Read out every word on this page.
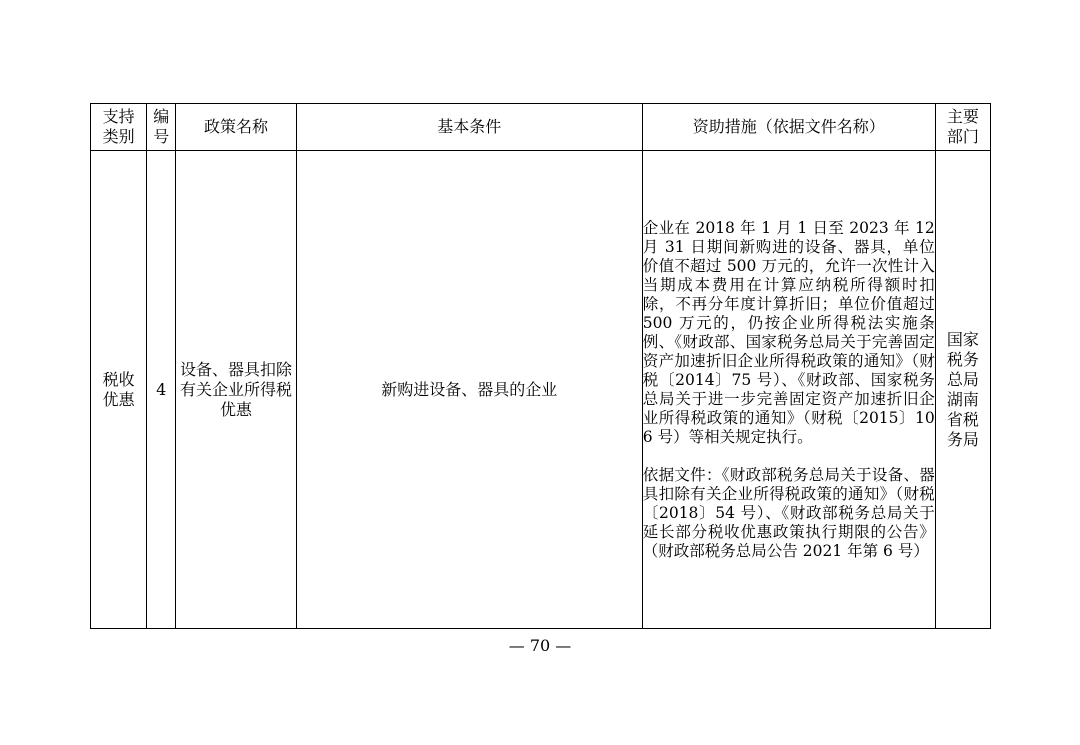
支持类别	编号	政策名称	基本条件	资助措施（依据文件名称）	主要部门
税收优惠	4	设备、器具扣除有关企业所得税优惠	新购进设备、器具的企业	企业在 2018 年 1 月 1 日至 2023 年 12 月 31 日期间新购进的设备、器具，单位价值不超过 500 万元的，允许一次性计入当期成本费用在计算应纳税所得额时扣除，不再分年度计算折旧；单位价值超过 500 万元的，仍按企业所得税法实施条例、《财政部、国家税务总局关于完善固定资产加速折旧企业所得税政策的通知》（财税〔2014〕75 号）、《财政部、国家税务总局关于进一步完善固定资产加速折旧企业所得税政策的通知》（财税〔2015〕106 号）等相关规定执行。

依据文件：《财政部税务总局关于设备、器具扣除有关企业所得税政策的通知》（财税〔2018〕54 号）、《财政部税务总局关于延长部分税收优惠政策执行期限的公告》（财政部税务总局公告 2021 年第 6 号）	国家税务总局湖南省税务局
— 70 —
